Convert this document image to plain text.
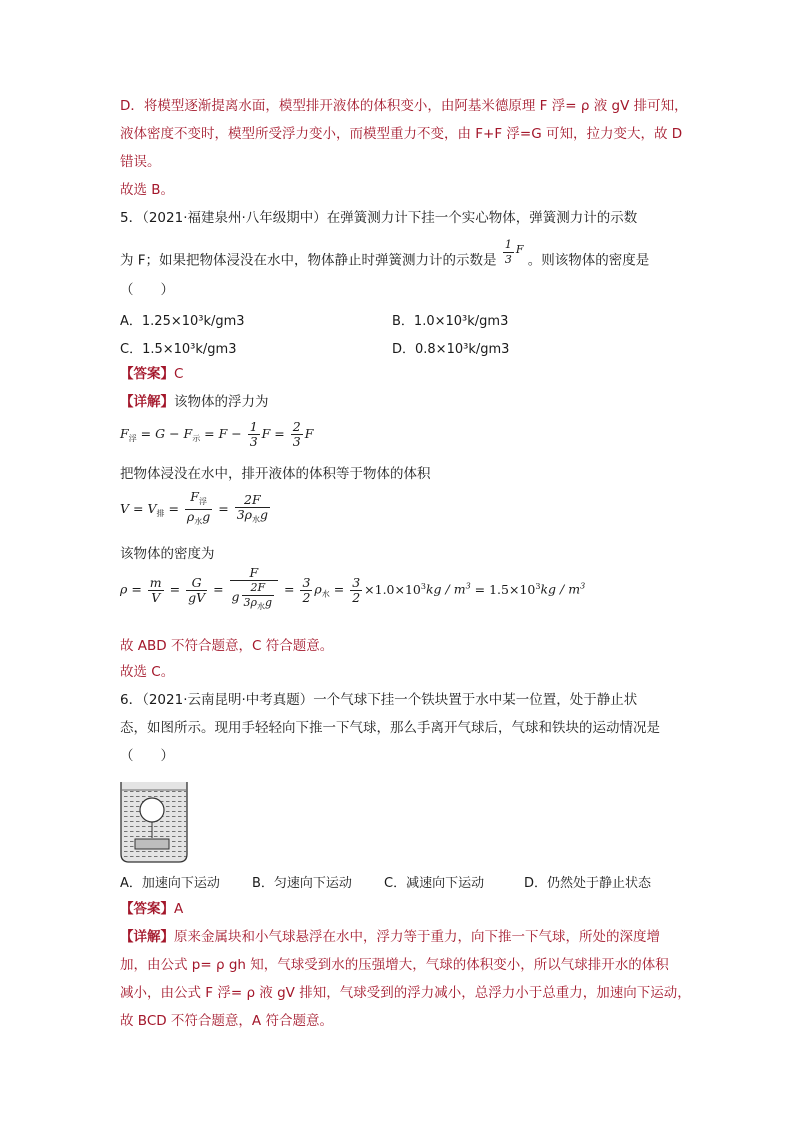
D．将模型逐渐提离水面，模型排开液体的体积变小，由阿基米德原理 F 浮= ρ 液 gV 排可知，
液体密度不变时，模型所受浮力变小，而模型重力不变，由 F+F 浮=G 可知，拉力变大，故 D
错误。
故选 B。
5．（2021·福建泉州·八年级期中）在弹簧测力计下挂一个实心物体，弹簧测力计的示数
为 F；如果把物体浸没在水中，物体静止时弹簧测力计的示数是 $\frac{1}{3} ^F$ 。则该物体的密度是
（　　）
A．1.25×10³k/gm3	B．1.0×10³k/gm3
C．1.5×10³k/gm3	D．0.8×10³k/gm3
【答案】C
【详解】该物体的浮力为
$F_浮 = G - F_示 = F - \frac{1}{3}$ $F = \frac{2}{3}$ F
把物体浸没在水中，排开液体的体积等于物体的体积
$V = V_排 = \frac{F_浮}{\rho_水g} = \frac{2F}{3\rho_水g}$
该物体的密度为
$\rho = \frac{m}{V} = \frac{G}{gV} = \frac{F}{g \frac{2F}{3\rho_水g}} = \frac{3}{2} \rho_水 = \frac{3}{2} \times 1.0\times 10^3kg / m^3 = 1.5\times 10^3kg / m^3$
故 ABD 不符合题意，C 符合题意。
故选 C。
6．（2021·云南昆明·中考真题）一个气球下挂一个铁块置于水中某一位置，处于静止状
态，如图所示。现用手轻轻向下推一下气球，那么手离开气球后，气球和铁块的运动情况是
（　　）
A．加速向下运动 B．匀速向下运动 C．减速向下运动	D．仍然处于静止状态
【答案】A
【详解】原来金属块和小气球悬浮在水中，浮力等于重力，向下推一下气球，所处的深度增
加，由公式 p= ρ gh 知，气球受到水的压强增大，气球的体积变小，所以气球排开水的体积
减小，由公式 F 浮= ρ 液 gV 排知，气球受到的浮力减小，总浮力小于总重力，加速向下运动，
故 BCD 不符合题意，A 符合题意。
